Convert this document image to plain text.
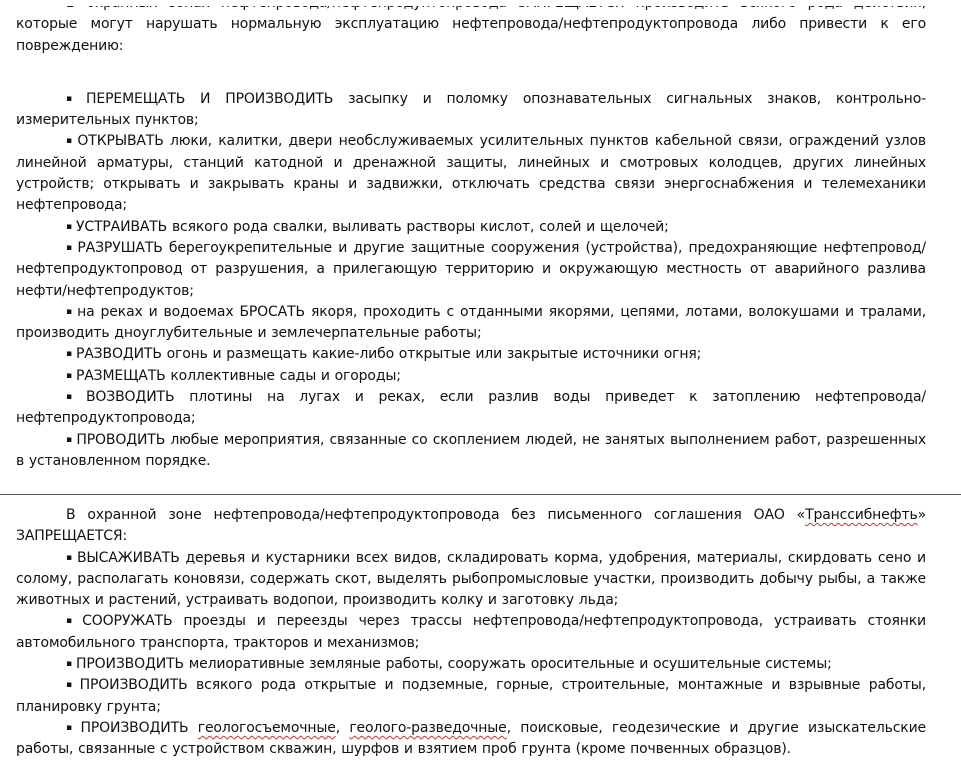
которые могут нарушать нормальную эксплуатацию нефтепровода/нефтепродуктопровода либо привести к его повреждению:

▪ ПЕРЕМЕЩАТЬ И ПРОИЗВОДИТЬ засыпку и поломку опознавательных сигнальных знаков, контрольно-измерительных пунктов;

▪ ОТКРЫВАТЬ люки, калитки, двери необслуживаемых усилительных пунктов кабельной связи, ограждений узлов линейной арматуры, станций катодной и дренажной защиты, линейных и смотровых колодцев, других линейных устройств; открывать и закрывать краны и задвижки, отключать средства связи энергоснабжения и телемеханики нефтепровода;

▪ УСТРАИВАТЬ всякого рода свалки, выливать растворы кислот, солей и щелочей;

▪ РАЗРУШАТЬ берегоукрепительные и другие защитные сооружения (устройства), предохраняющие нефтепровод/нефтепродуктопровод от разрушения, а прилегающую территорию и окружающую местность от аварийного разлива нефти/нефтепродуктов;

▪ на реках и водоемах БРОСАТЬ якоря, проходить с отданными якорями, цепями, лотами, волокушами и тралами, производить дноуглубительные и землечерпательные работы;

▪ РАЗВОДИТЬ огонь и размещать какие-либо открытые или закрытые источники огня;

▪ РАЗМЕЩАТЬ коллективные сады и огороды;

▪ ВОЗВОДИТЬ плотины на лугах и реках, если разлив воды приведет к затоплению нефтепровода/нефтепродуктопровода;

▪ ПРОВОДИТЬ любые мероприятия, связанные со скоплением людей, не занятых выполнением работ, разрешенных в установленном порядке.

В охранной зоне нефтепровода/нефтепродуктопровода без письменного соглашения ОАО «Транссибнефть» ЗАПРЕЩАЕТСЯ:

▪ ВЫСАЖИВАТЬ деревья и кустарники всех видов, складировать корма, удобрения, материалы, скирдовать сено и солому, располагать коновязи, содержать скот, выделять рыбопромысловые участки, производить добычу рыбы, а также животных и растений, устраивать водопои, производить колку и заготовку льда;

▪ СООРУЖАТЬ проезды и переезды через трассы нефтепровода/нефтепродуктопровода, устраивать стоянки автомобильного транспорта, тракторов и механизмов;

▪ ПРОИЗВОДИТЬ мелиоративные земляные работы, сооружать оросительные и осушительные системы;

▪ ПРОИЗВОДИТЬ всякого рода открытые и подземные, горные, строительные, монтажные и взрывные работы, планировку грунта;

▪ ПРОИЗВОДИТЬ геологосъемочные, геолого-разведочные, поисковые, геодезические и другие изыскательские работы, связанные с устройством скважин, шурфов и взятием проб грунта (кроме почвенных образцов).
